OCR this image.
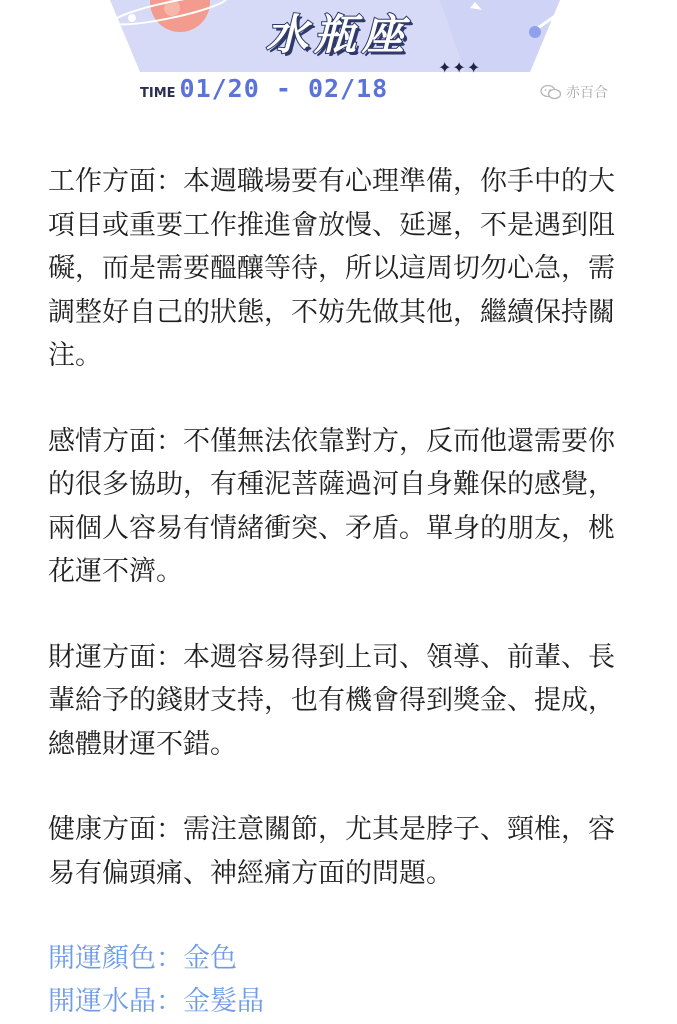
水瓶座
✦✦✦
TIME 01/20 - 02/18	赤百合

工作方面：本週職場要有心理準備，你手中的大項目或重要工作推進會放慢、延遲，不是遇到阻礙，而是需要醞釀等待，所以這周切勿心急，需調整好自己的狀態，不妨先做其他，繼續保持關注。

感情方面：不僅無法依靠對方，反而他還需要你的很多協助，有種泥菩薩過河自身難保的感覺，兩個人容易有情緒衝突、矛盾。單身的朋友，桃花運不濟。

財運方面：本週容易得到上司、領導、前輩、長輩給予的錢財支持，也有機會得到獎金、提成，總體財運不錯。

健康方面：需注意關節，尤其是脖子、頸椎，容易有偏頭痛、神經痛方面的問題。

開運顏色：金色

開運水晶：金髮晶
